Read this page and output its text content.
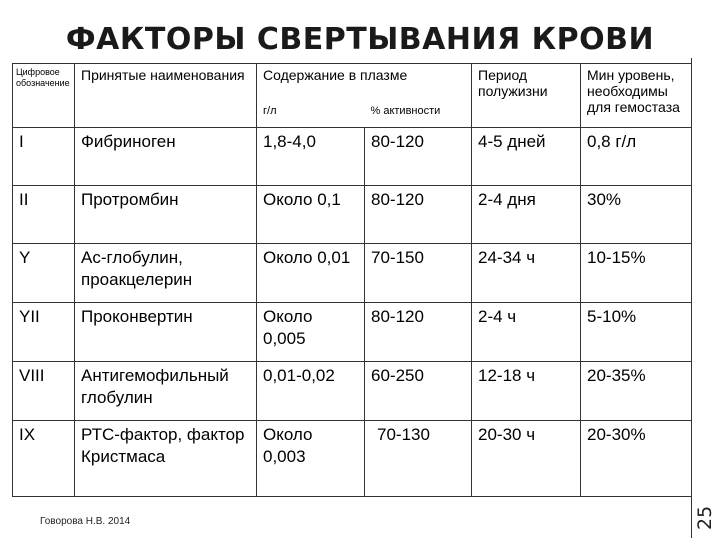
ФАКТОРЫ СВЕРТЫВАНИЯ КРОВИ
Цифровое обозначение	Принятые наименования	Содержание в плазме		Период полужизни	Мин уровень, необходимы для гемостаза
		г/л	% активности		
I	Фибриноген	1,8-4,0	80-120	4-5 дней	0,8 г/л
II	Протромбин	Около 0,1	80-120	2-4 дня	30%
Y	Ас-глобулин, проакцелерин	Около 0,01	70-150	24-34 ч	10-15%
YII	Проконвертин	Около 0,005	80-120	2-4 ч	5-10%
VIII	Антигемофильный глобулин	0,01-0,02	60-250	12-18 ч	20-35%
IX	РТС-фактор, фактор Кристмаса	Около 0,003	70-130	20-30 ч	20-30%
Говорова Н.В. 2014	25
